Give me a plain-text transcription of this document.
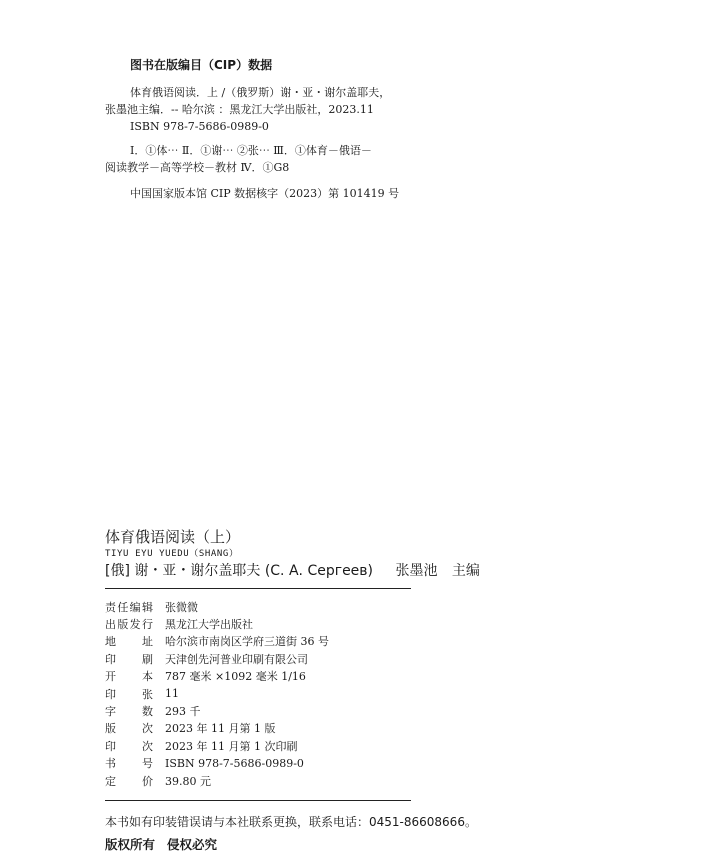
图书在版编目（CIP）数据
体育俄语阅读．上 /（俄罗斯）谢・亚・谢尔盖耶夫，
张墨池主编．-- 哈尔滨 ：黑龙江大学出版社，2023.11
ISBN 978-7-5686-0989-0
Ⅰ．①体⋯ Ⅱ．①谢⋯ ②张⋯ Ⅲ．①体育－俄语－
阅读教学－高等学校－教材 Ⅳ．①G8
中国国家版本馆 CIP 数据核字（2023）第 101419 号
体育俄语阅读（上）
TIYU EYU YUEDU（SHANG）
[俄] 谢・亚・谢尔盖耶夫 (С. А. Сергеев) 张墨池 主编
责任编辑	张微微
出版发行	黑龙江大学出版社
地址	哈尔滨市南岗区学府三道街 36 号
印刷	天津创先河普业印刷有限公司
开本	787 毫米 ×1092 毫米 1/16
印张	11
字数	293 千
版次	2023 年 11 月第 1 版
印次	2023 年 11 月第 1 次印刷
书号	ISBN 978-7-5686-0989-0
定价	39.80 元
本书如有印装错误请与本社联系更换，联系电话：0451-86608666。
版权所有 侵权必究
